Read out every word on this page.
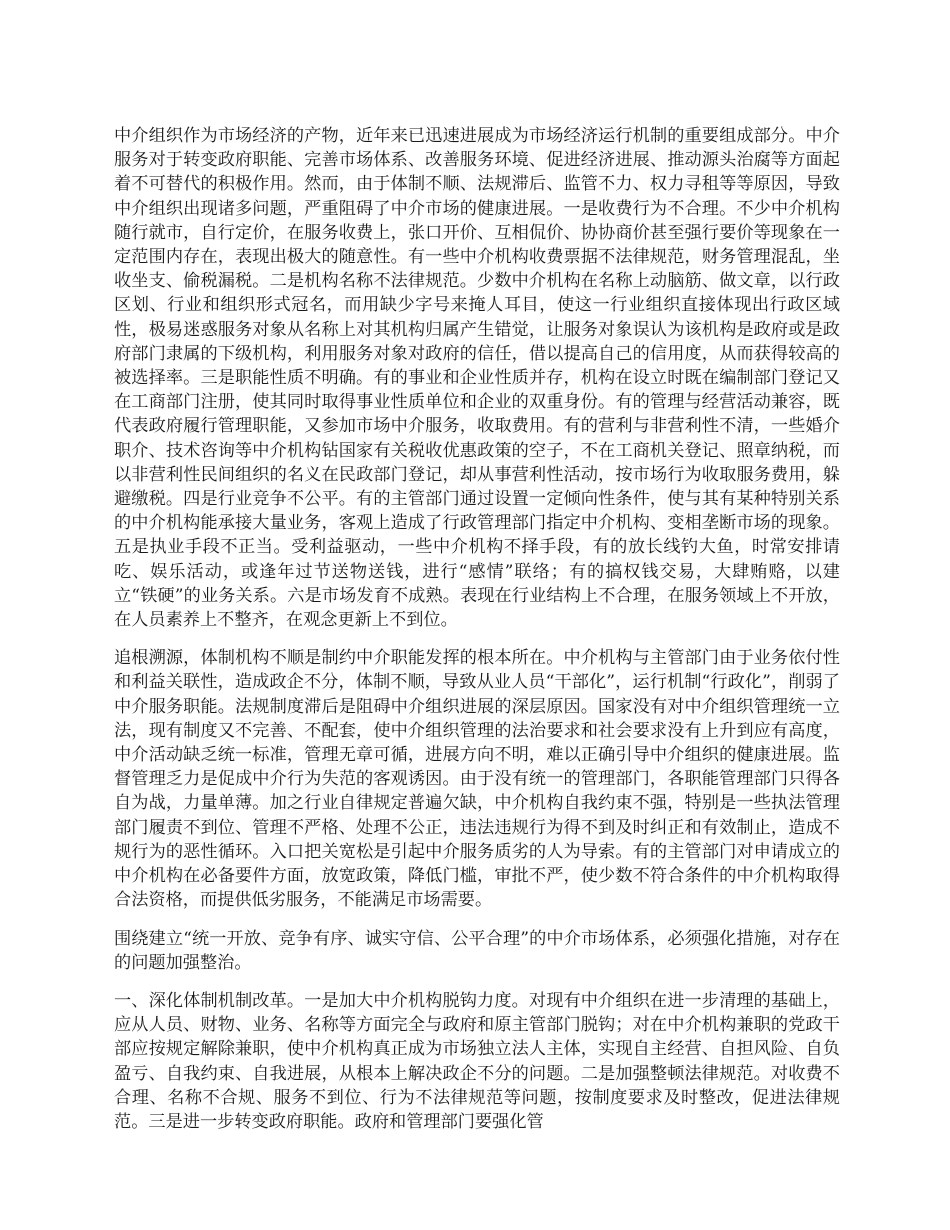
中介组织作为市场经济的产物，近年来已迅速进展成为市场经济运行机制的重要组成部分。中介服务对于转变政府职能、完善市场体系、改善服务环境、促进经济进展、推动源头治腐等方面起着不可替代的积极作用。然而，由于体制不顺、法规滞后、监管不力、权力寻租等等原因，导致中介组织出现诸多问题，严重阻碍了中介市场的健康进展。一是收费行为不合理。不少中介机构随行就市，自行定价，在服务收费上，张口开价、互相侃价、协协商价甚至强行要价等现象在一定范围内存在，表现出极大的随意性。有一些中介机构收费票据不法律规范，财务管理混乱，坐收坐支、偷税漏税。二是机构名称不法律规范。少数中介机构在名称上动脑筋、做文章，以行政区划、行业和组织形式冠名，而用缺少字号来掩人耳目，使这一行业组织直接体现出行政区域性，极易迷惑服务对象从名称上对其机构归属产生错觉，让服务对象误认为该机构是政府或是政府部门隶属的下级机构，利用服务对象对政府的信任，借以提高自己的信用度，从而获得较高的被选择率。三是职能性质不明确。有的事业和企业性质并存，机构在设立时既在编制部门登记又在工商部门注册，使其同时取得事业性质单位和企业的双重身份。有的管理与经营活动兼容，既代表政府履行管理职能，又参加市场中介服务，收取费用。有的营利与非营利性不清，一些婚介职介、技术咨询等中介机构钻国家有关税收优惠政策的空子，不在工商机关登记、照章纳税，而以非营利性民间组织的名义在民政部门登记，却从事营利性活动，按市场行为收取服务费用，躲避缴税。四是行业竞争不公平。有的主管部门通过设置一定倾向性条件，使与其有某种特别关系的中介机构能承接大量业务，客观上造成了行政管理部门指定中介机构、变相垄断市场的现象。五是执业手段不正当。受利益驱动，一些中介机构不择手段，有的放长线钓大鱼，时常安排请吃、娱乐活动，或逢年过节送物送钱，进行“感情”联络；有的搞权钱交易，大肆贿赂，以建立“铁硬”的业务关系。六是市场发育不成熟。表现在行业结构上不合理，在服务领域上不开放，在人员素养上不整齐，在观念更新上不到位。

追根溯源，体制机构不顺是制约中介职能发挥的根本所在。中介机构与主管部门由于业务依付性和利益关联性，造成政企不分，体制不顺，导致从业人员“干部化”，运行机制“行政化”，削弱了中介服务职能。法规制度滞后是阻碍中介组织进展的深层原因。国家没有对中介组织管理统一立法，现有制度又不完善、不配套，使中介组织管理的法治要求和社会要求没有上升到应有高度，中介活动缺乏统一标准，管理无章可循，进展方向不明，难以正确引导中介组织的健康进展。监督管理乏力是促成中介行为失范的客观诱因。由于没有统一的管理部门，各职能管理部门只得各自为战，力量单薄。加之行业自律规定普遍欠缺，中介机构自我约束不强，特别是一些执法管理部门履责不到位、管理不严格、处理不公正，违法违规行为得不到及时纠正和有效制止，造成不规行为的恶性循环。入口把关宽松是引起中介服务质劣的人为导索。有的主管部门对申请成立的中介机构在必备要件方面，放宽政策，降低门槛，审批不严，使少数不符合条件的中介机构取得合法资格，而提供低劣服务，不能满足市场需要。

围绕建立“统一开放、竞争有序、诚实守信、公平合理”的中介市场体系，必须强化措施，对存在的问题加强整治。

一、深化体制机制改革。一是加大中介机构脱钩力度。对现有中介组织在进一步清理的基础上，应从人员、财物、业务、名称等方面完全与政府和原主管部门脱钩；对在中介机构兼职的党政干部应按规定解除兼职，使中介机构真正成为市场独立法人主体，实现自主经营、自担风险、自负盈亏、自我约束、自我进展，从根本上解决政企不分的问题。二是加强整顿法律规范。对收费不合理、名称不合规、服务不到位、行为不法律规范等问题，按制度要求及时整改，促进法律规范。三是进一步转变政府职能。政府和管理部门要强化管
